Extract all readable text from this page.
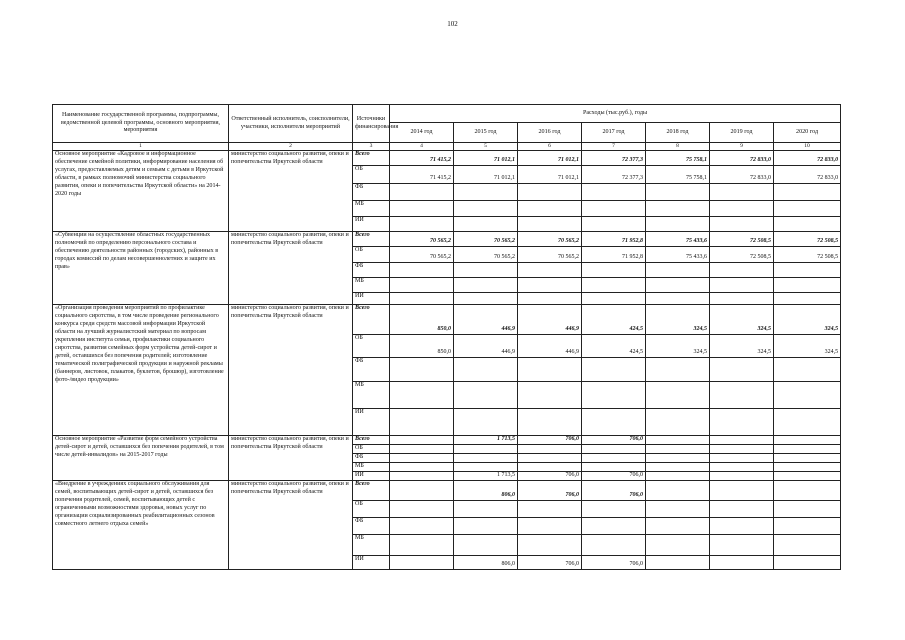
102
Наименование государственной программы, подпрограммы, ведомственной целевой программы, основного мероприятия, мероприятия	Ответственный исполнитель, соисполнители, участники, исполнители мероприятий	Источники финансирования	Расходы (тыс.руб.), годы						
			2014 год	2015 год	2016 год	2017 год	2018 год	2019 год	2020 год
1	2	3	4	5	6	7	8	9	10
Основное мероприятие «Кадровое и информационное обеспечение семейной политики, информирование населения об услугах, предоставляемых детям и семьям с детьми в Иркутской области, в рамках полномочий министерства социального развития, опеки и попечительства Иркутской области» на 2014-2020 годы	министерство социального развития, опеки и попечительства Иркутской области	Всего	71 415,2	71 012,1	71 012,1	72 377,3	75 758,1	72 833,0	72 833,0
		ОБ	71 415,2	71 012,1	71 012,1	72 377,3	75 758,1	72 833,0	72 833,0
		ФБ							
		МБ							
		ИИ							
«Субвенции на осуществление областных государственных полномочий по определению персонального состава и обеспечению деятельности районных (городских), районных в городах комиссий по делам несовершеннолетних и защите их прав»	министерство социального развития, опеки и попечительства Иркутской области	Всего	70 565,2	70 565,2	70 565,2	71 952,8	75 433,6	72 508,5	72 508,5
		ОБ	70 565,2	70 565,2	70 565,2	71 952,8	75 433,6	72 508,5	72 508,5
		ФБ							
		МБ							
		ИИ							
«Организация проведения мероприятий по профилактике социального сиротства, в том числе проведение регионального конкурса среди средств массовой информации Иркутской области на лучший журналистский материал по вопросам укрепления института семьи, профилактики социального сиротства, развития семейных форм устройства детей-сирот и детей, оставшихся без попечения родителей; изготовление тематической полиграфической продукции и наружной рекламы (баннеров, листовок, плакатов, буклетов, брошюр), изготовление фото-/видео продукции»	министерство социального развития, опеки и попечительства Иркутской области	Всего	850,0	446,9	446,9	424,5	324,5	324,5	324,5
		ОБ	850,0	446,9	446,9	424,5	324,5	324,5	324,5
		ФБ							
		МБ							
		ИИ							
Основное мероприятие «Развитие форм семейного устройства детей-сирот и детей, оставшихся без попечения родителей, в том числе детей-инвалидов» на 2015-2017 годы	министерство социального развития, опеки и попечительства Иркутской области	Всего		1 713,5	706,0	706,0			
		ОБ							
		ФБ							
		МБ							
		ИИ		1 713,5	706,0	706,0			
«Внедрение в учреждениях социального обслуживания для семей, воспитывающих детей-сирот и детей, оставшихся без попечения родителей, семей, воспитывающих детей с ограниченными возможностями здоровья, новых услуг по организации социализированных реабилитационных сезонов совместного летнего отдыха семей»	министерство социального развития, опеки и попечительства Иркутской области	Всего		806,0	706,0	706,0			
		ОБ							
		ФБ							
		МБ							
		ИИ		806,0	706,0	706,0			
